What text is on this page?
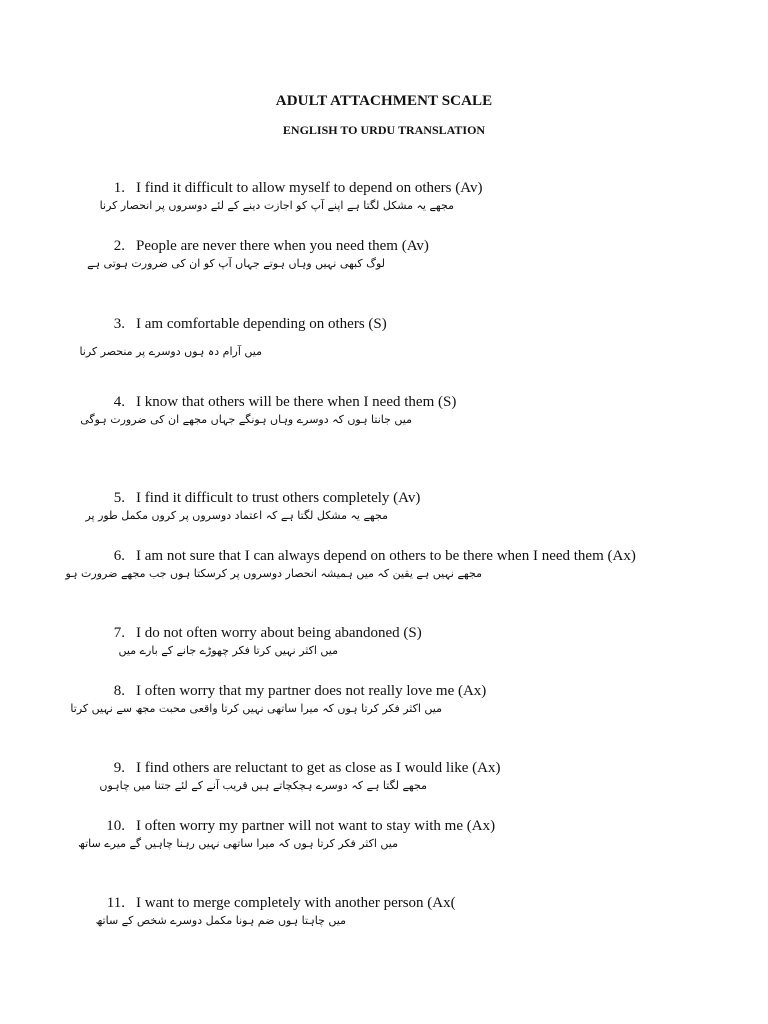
ADULT ATTACHMENT SCALE
ENGLISH TO URDU TRANSLATION
1. I find it difficult to allow myself to depend on others (Av)
مجھے یہ مشکل لگتا ہے اپنے آپ کو اجازت دینے کے لئے دوسروں پر انحصار کرنا
2. People are never there when you need them (Av)
لوگ کبھی نہیں وہاں ہوتے جہاں آپ کو ان کی ضرورت ہوتی ہے
3. I am comfortable depending on others (S)
میں آرام دہ ہوں دوسرے پر منحصر کرنا
4. I know that others will be there when I need them (S)
میں جانتا ہوں کہ دوسرے وہاں ہونگے جہاں مجھے ان کی ضرورت ہوگی
5. I find it difficult to trust others completely (Av)
مجھے یہ مشکل لگتا ہے کہ اعتماد دوسروں پر کروں مکمل طور پر
6. I am not sure that I can always depend on others to be there when I need them (Ax)
مجھے نہیں ہے یقین کہ میں ہمیشہ انحصار دوسروں پر کرسکتا ہوں جب مجھے ضرورت ہو
7. I do not often worry about being abandoned (S)
میں اکثر نہیں کرتا فکر چھوڑے جانے کے بارے میں
8. I often worry that my partner does not really love me (Ax)
میں اکثر فکر کرتا ہوں کہ میرا ساتھی نہیں کرتا واقعی محبت مجھ سے نہیں کرتا
9. I find others are reluctant to get as close as I would like (Ax)
مجھے لگتا ہے کہ دوسرے ہچکچاتے ہیں قریب آنے کے لئے جتنا میں چاہوں
10. I often worry my partner will not want to stay with me (Ax)
میں اکثر فکر کرتا ہوں کہ میرا ساتھی نہیں رہنا چاہیں گے میرے ساتھ
11. I want to merge completely with another person (Ax(
میں چاہتا ہوں ضم ہونا مکمل دوسرے شخص کے ساتھ
